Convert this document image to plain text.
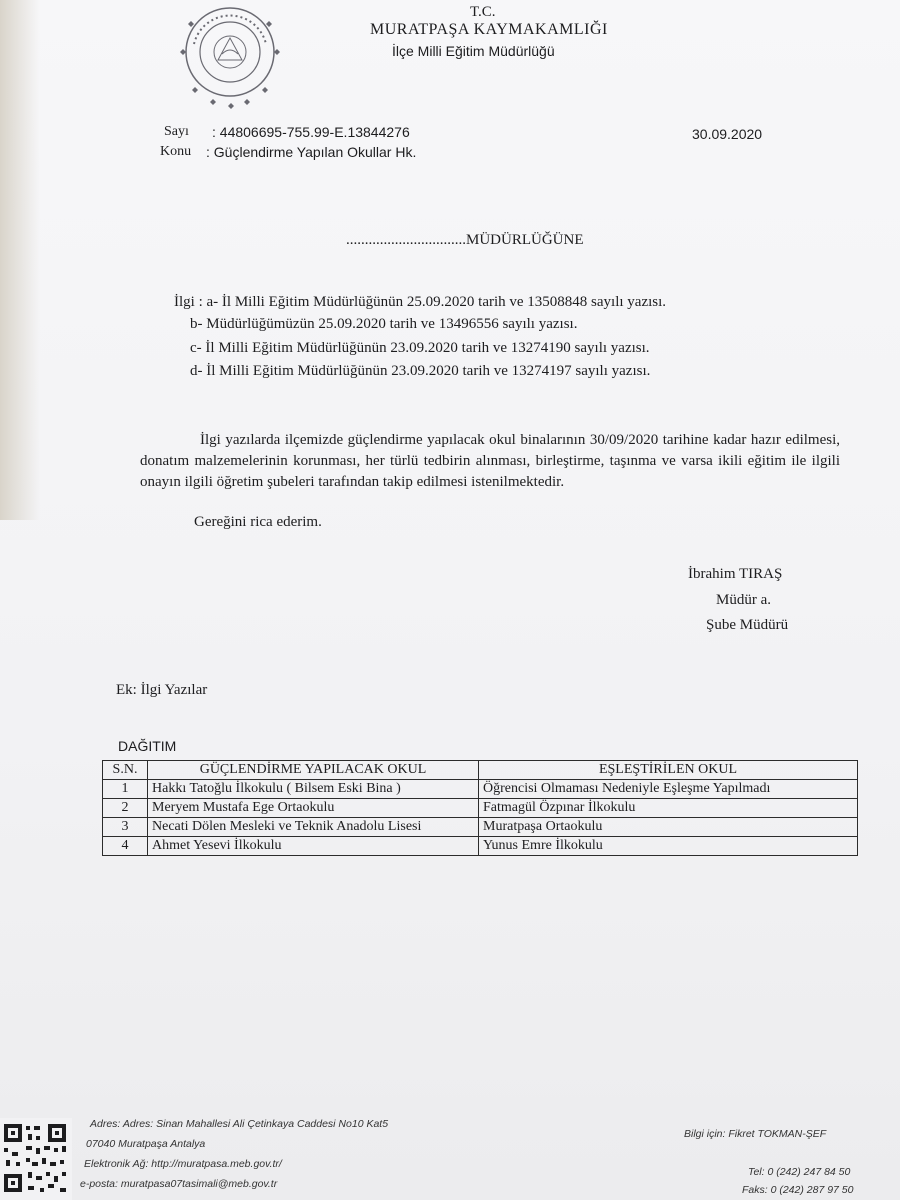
T.C.
MURATPAŞA KAYMAKAMLIĞI
İlçe Milli Eğitim Müdürlüğü
Sayı : 44806695-755.99-E.13844276
Konu : Güçlendirme Yapılan Okullar Hk.
30.09.2020
................................MÜDÜRLÜĞÜNE
İlgi : a- İl Milli Eğitim Müdürlüğünün 25.09.2020 tarih ve 13508848 sayılı yazısı.
b- Müdürlüğümüzün 25.09.2020 tarih ve 13496556 sayılı yazısı.
c- İl Milli Eğitim Müdürlüğünün 23.09.2020 tarih ve 13274190 sayılı yazısı.
d- İl Milli Eğitim Müdürlüğünün 23.09.2020 tarih ve 13274197 sayılı yazısı.

İlgi yazılarda ilçemizde güçlendirme yapılacak okul binalarının 30/09/2020 tarihine kadar hazır edilmesi, donatım malzemelerinin korunması, her türlü tedbirin alınması, birleştirme, taşınma ve varsa ikili eğitim ile ilgili onayın ilgili öğretim şubeleri tarafından takip edilmesi istenilmektedir.

Gereğini rica ederim.
İbrahim TIRAŞ
Müdür a.
Şube Müdürü
Ek: İlgi Yazılar
DAĞITIM
S.N.	GÜÇLENDİRME YAPILACAK OKUL	EŞLEŞTİRİLEN OKUL
1	Hakkı Tatoğlu İlkokulu ( Bilsem Eski Bina )	Öğrencisi Olmaması Nedeniyle Eşleşme Yapılmadı
2	Meryem Mustafa Ege Ortaokulu	Fatmagül Özpınar İlkokulu
3	Necati Dölen Mesleki ve Teknik Anadolu Lisesi	Muratpaşa Ortaokulu
4	Ahmet Yesevi İlkokulu	Yunus Emre İlkokulu
Adres: Adres: Sinan Mahallesi Ali Çetinkaya Caddesi No10 Kat5
07040 Muratpaşa Antalya
Elektronik Ağ: http://muratpasa.meb.gov.tr/
e-posta: muratpasa07tasimali@meb.gov.tr
Bilgi için: Fikret TOKMAN-ŞEF
Tel: 0 (242) 247 84 50
Faks: 0 (242) 287 97 50
